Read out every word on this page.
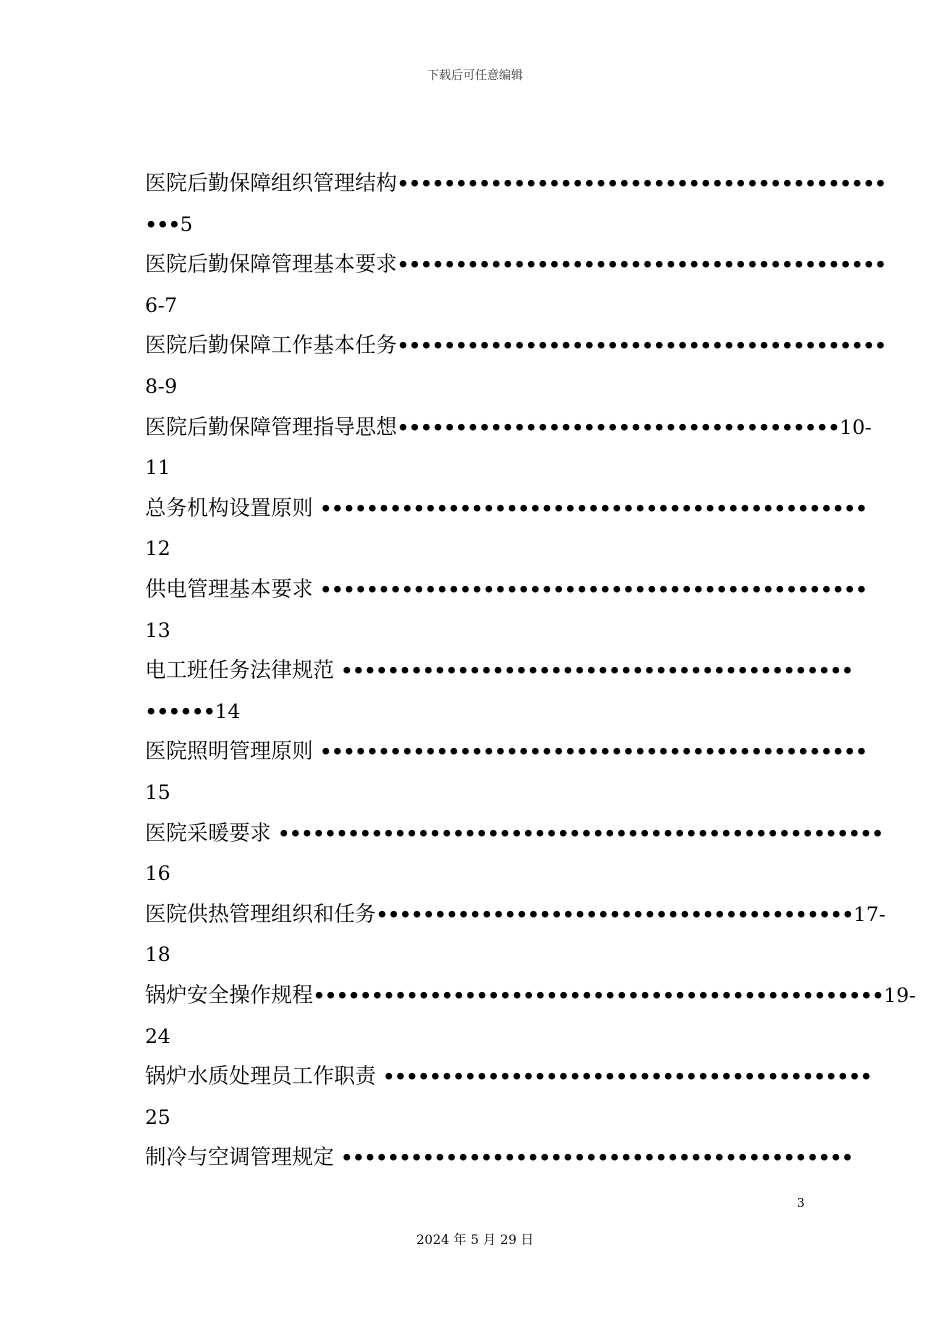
下载后可任意编辑
医院后勤保障组织管理结构••••••••••••••••••••••••••••••••••••••••••
•••5
医院后勤保障管理基本要求••••••••••••••••••••••••••••••••••••••••••
6-7
医院后勤保障工作基本任务••••••••••••••••••••••••••••••••••••••••••
8-9
医院后勤保障管理指导思想••••••••••••••••••••••••••••••••••••••10-
11
总务机构设置原则 •••••••••••••••••••••••••••••••••••••••••••••••
12
供电管理基本要求 •••••••••••••••••••••••••••••••••••••••••••••••
13
电工班任务法律规范 ••••••••••••••••••••••••••••••••••••••••••••
••••••14
医院照明管理原则 •••••••••••••••••••••••••••••••••••••••••••••••
15
医院采暖要求 ••••••••••••••••••••••••••••••••••••••••••••••••••••
16
医院供热管理组织和任务•••••••••••••••••••••••••••••••••••••••••17-
18
锅炉安全操作规程•••••••••••••••••••••••••••••••••••••••••••••••••19-
24
锅炉水质处理员工作职责 ••••••••••••••••••••••••••••••••••••••••••
25
制冷与空调管理规定 ••••••••••••••••••••••••••••••••••••••••••••
3
2024 年 5 月 29 日
